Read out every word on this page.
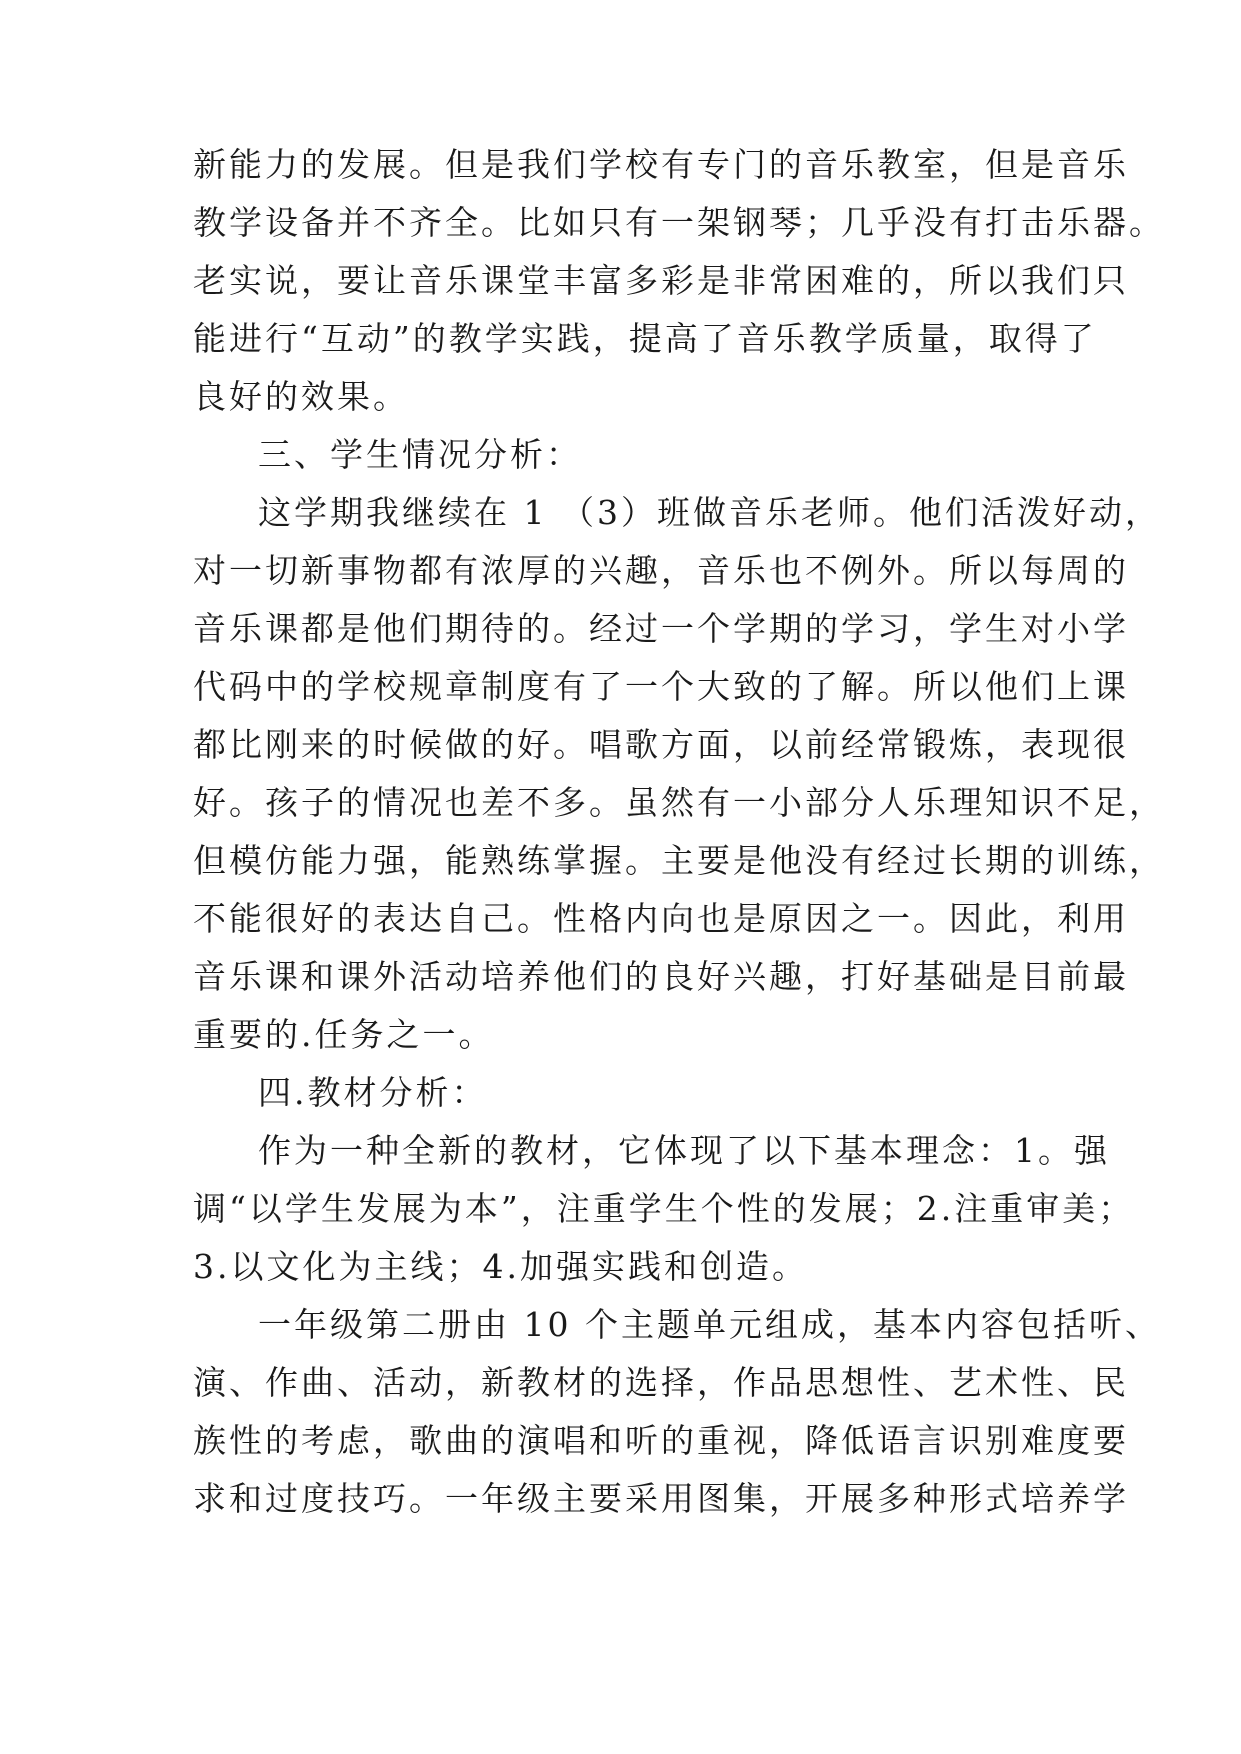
新能力的发展。但是我们学校有专门的音乐教室，但是音乐
教学设备并不齐全。比如只有一架钢琴；几乎没有打击乐器。
老实说，要让音乐课堂丰富多彩是非常困难的，所以我们只
能进行“互动”的教学实践，提高了音乐教学质量，取得了
良好的效果。
三、学生情况分析：
这学期我继续在 1 （3）班做音乐老师。他们活泼好动，
对一切新事物都有浓厚的兴趣，音乐也不例外。所以每周的
音乐课都是他们期待的。经过一个学期的学习，学生对小学
代码中的学校规章制度有了一个大致的了解。所以他们上课
都比刚来的时候做的好。唱歌方面，以前经常锻炼，表现很
好。孩子的情况也差不多。虽然有一小部分人乐理知识不足，
但模仿能力强，能熟练掌握。主要是他没有经过长期的训练，
不能很好的表达自己。性格内向也是原因之一。因此，利用
音乐课和课外活动培养他们的良好兴趣，打好基础是目前最
重要的.任务之一。
四.教材分析：
作为一种全新的教材，它体现了以下基本理念：1。强
调“以学生发展为本”，注重学生个性的发展；2.注重审美；
3.以文化为主线；4.加强实践和创造。
一年级第二册由 10 个主题单元组成，基本内容包括听、
演、作曲、活动，新教材的选择，作品思想性、艺术性、民
族性的考虑，歌曲的演唱和听的重视，降低语言识别难度要
求和过度技巧。一年级主要采用图集，开展多种形式培养学
